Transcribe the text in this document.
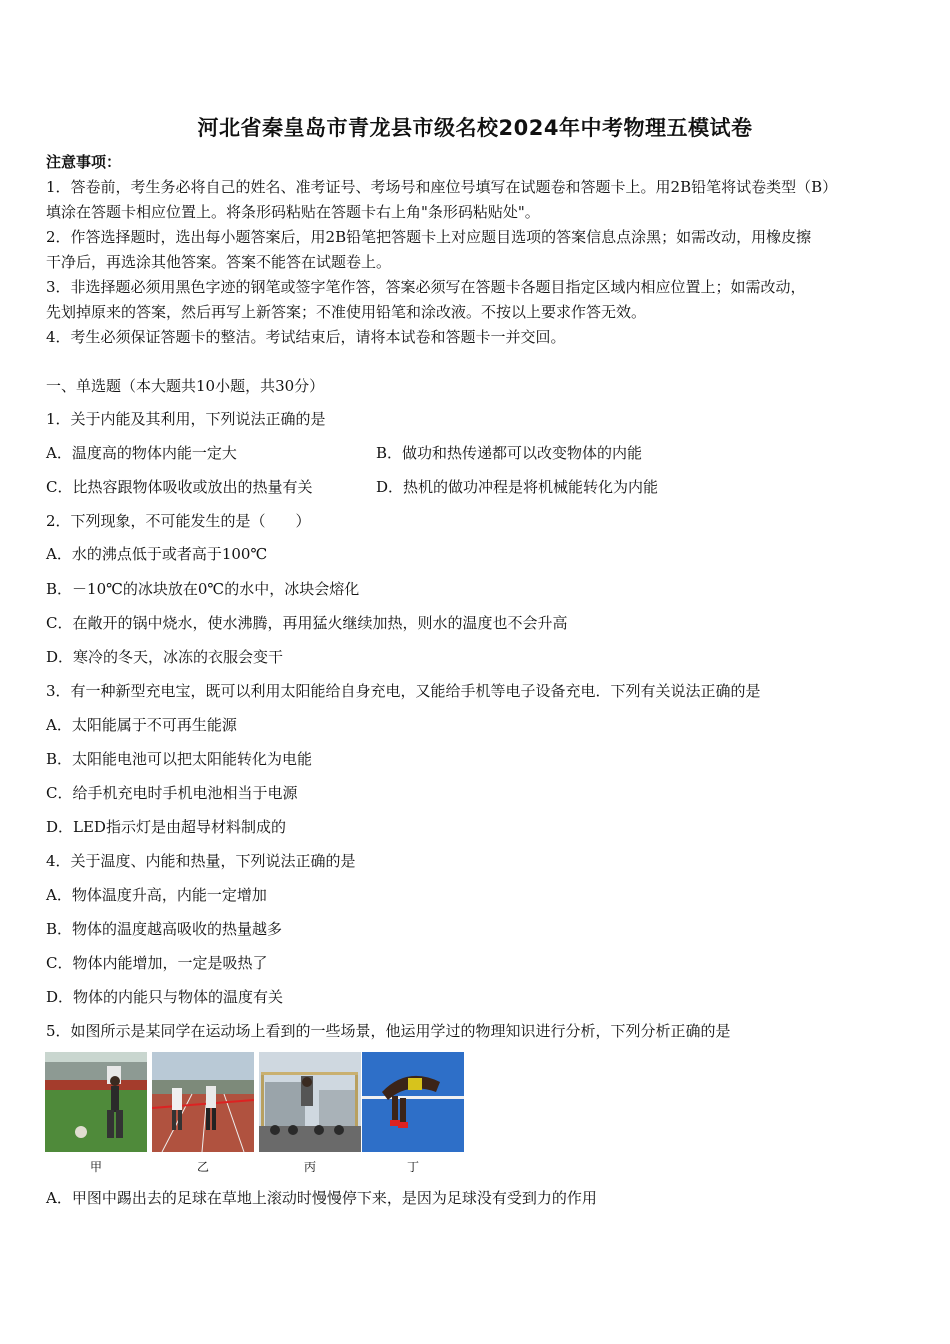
河北省秦皇岛市青龙县市级名校2024年中考物理五模试卷
注意事项：
1．答卷前，考生务必将自己的姓名、准考证号、考场号和座位号填写在试题卷和答题卡上。用2B铅笔将试卷类型（B）
填涂在答题卡相应位置上。将条形码粘贴在答题卡右上角"条形码粘贴处"。
2．作答选择题时，选出每小题答案后，用2B铅笔把答题卡上对应题目选项的答案信息点涂黑；如需改动，用橡皮擦
干净后，再选涂其他答案。答案不能答在试题卷上。
3．非选择题必须用黑色字迹的钢笔或签字笔作答，答案必须写在答题卡各题目指定区域内相应位置上；如需改动，
先划掉原来的答案，然后再写上新答案；不准使用铅笔和涂改液。不按以上要求作答无效。
4．考生必须保证答题卡的整洁。考试结束后，请将本试卷和答题卡一并交回。
一、单选题（本大题共10小题，共30分）
1．关于内能及其利用，下列说法正确的是
A．温度高的物体内能一定大	B．做功和热传递都可以改变物体的内能
C．比热容跟物体吸收或放出的热量有关	D．热机的做功冲程是将机械能转化为内能
2．下列现象，不可能发生的是（　　）
A．水的沸点低于或者高于100℃
B．－10℃的冰块放在0℃的水中，冰块会熔化
C．在敞开的锅中烧水，使水沸腾，再用猛火继续加热，则水的温度也不会升高
D．寒冷的冬天，冰冻的衣服会变干
3．有一种新型充电宝，既可以利用太阳能给自身充电，又能给手机等电子设备充电．下列有关说法正确的是
A．太阳能属于不可再生能源
B．太阳能电池可以把太阳能转化为电能
C．给手机充电时手机电池相当于电源
D．LED指示灯是由超导材料制成的
4．关于温度、内能和热量，下列说法正确的是
A．物体温度升高，内能一定增加
B．物体的温度越高吸收的热量越多
C．物体内能增加，一定是吸热了
D．物体的内能只与物体的温度有关
5．如图所示是某同学在运动场上看到的一些场景，他运用学过的物理知识进行分析，下列分析正确的是
甲	乙	丙	丁
A．甲图中踢出去的足球在草地上滚动时慢慢停下来，是因为足球没有受到力的作用
